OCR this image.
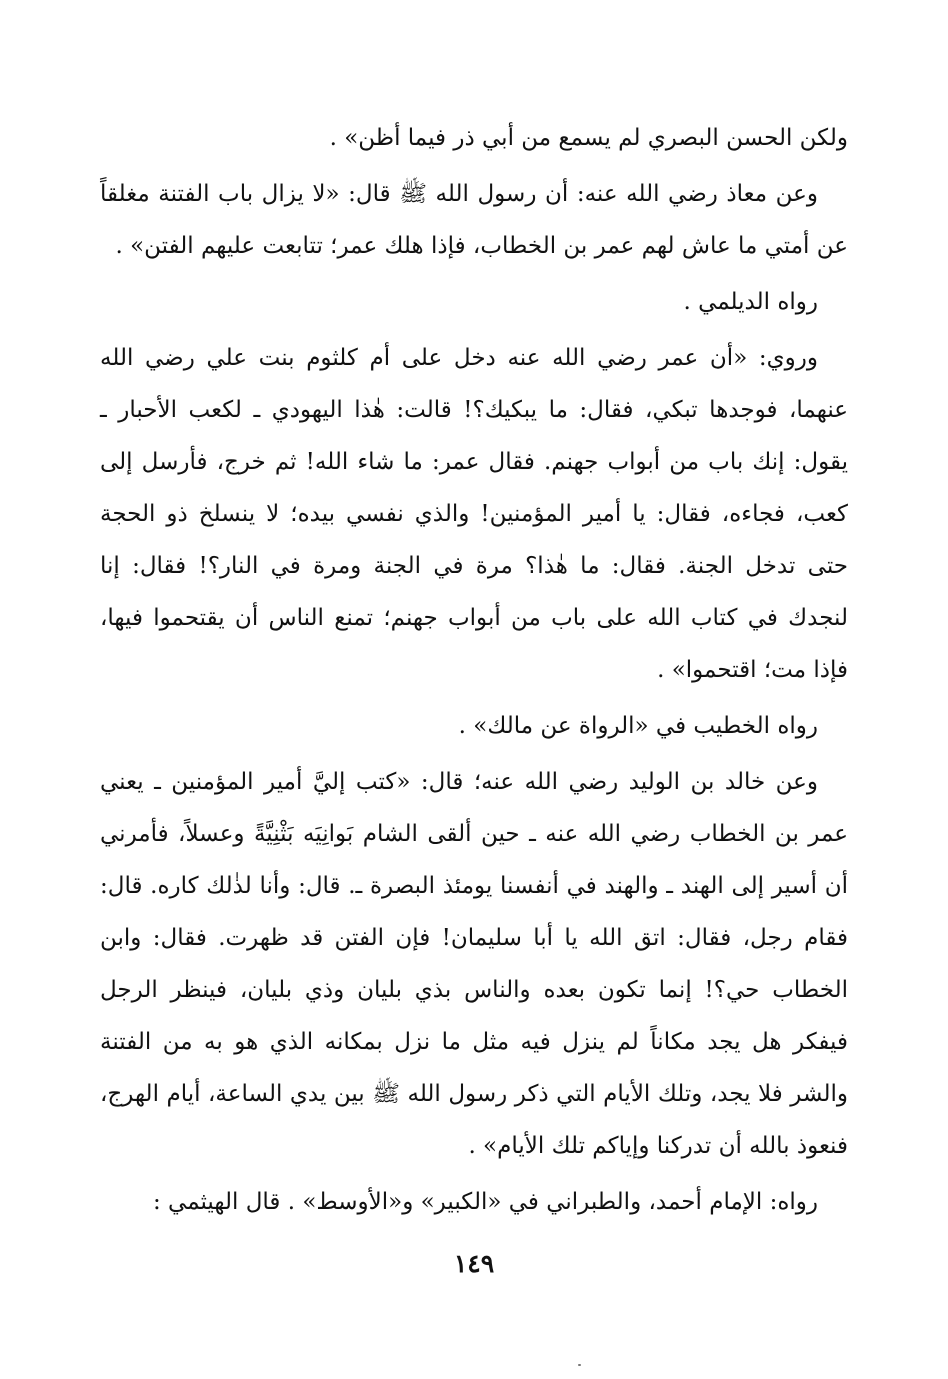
ولكن الحسن البصري لم يسمع من أبي ذر فيما أظن» .

وعن معاذ رضي الله عنه: أن رسول الله ﷺ قال: «لا يزال باب الفتنة مغلقاً عن أمتي ما عاش لهم عمر بن الخطاب، فإذا هلك عمر؛ تتابعت عليهم الفتن» .

رواه الديلمي .

وروي: «أن عمر رضي الله عنه دخل على أم كلثوم بنت علي رضي الله عنهما، فوجدها تبكي، فقال: ما يبكيك؟! قالت: هٰذا اليهودي ـ لكعب الأحبار ـ يقول: إنك باب من أبواب جهنم. فقال عمر: ما شاء الله! ثم خرج، فأرسل إلى كعب، فجاءه، فقال: يا أمير المؤمنين! والذي نفسي بيده؛ لا ينسلخ ذو الحجة حتى تدخل الجنة. فقال: ما هٰذا؟ مرة في الجنة ومرة في النار؟! فقال: إنا لنجدك في كتاب الله على باب من أبواب جهنم؛ تمنع الناس أن يقتحموا فيها، فإذا مت؛ اقتحموا» .

رواه الخطيب في «الرواة عن مالك» .

وعن خالد بن الوليد رضي الله عنه؛ قال: «كتب إليَّ أمير المؤمنين ـ يعني عمر بن الخطاب رضي الله عنه ـ حين ألقى الشام بَوانِيَه بَثْنِيَّةً وعسلاً، فأمرني أن أسير إلى الهند ـ والهند في أنفسنا يومئذ البصرة ـ. قال: وأنا لذٰلك كاره. قال: فقام رجل، فقال: اتق الله يا أبا سليمان! فإن الفتن قد ظهرت. فقال: وابن الخطاب حي؟! إنما تكون بعده والناس بذي بليان وذي بليان، فينظر الرجل فيفكر هل يجد مكاناً لم ينزل فيه مثل ما نزل بمكانه الذي هو به من الفتنة والشر فلا يجد، وتلك الأيام التي ذكر رسول الله ﷺ بين يدي الساعة، أيام الهرج، فنعوذ بالله أن تدركنا وإياكم تلك الأيام» .

رواه: الإمام أحمد، والطبراني في «الكبير» و«الأوسط» . قال الهيثمي :

١٤٩
